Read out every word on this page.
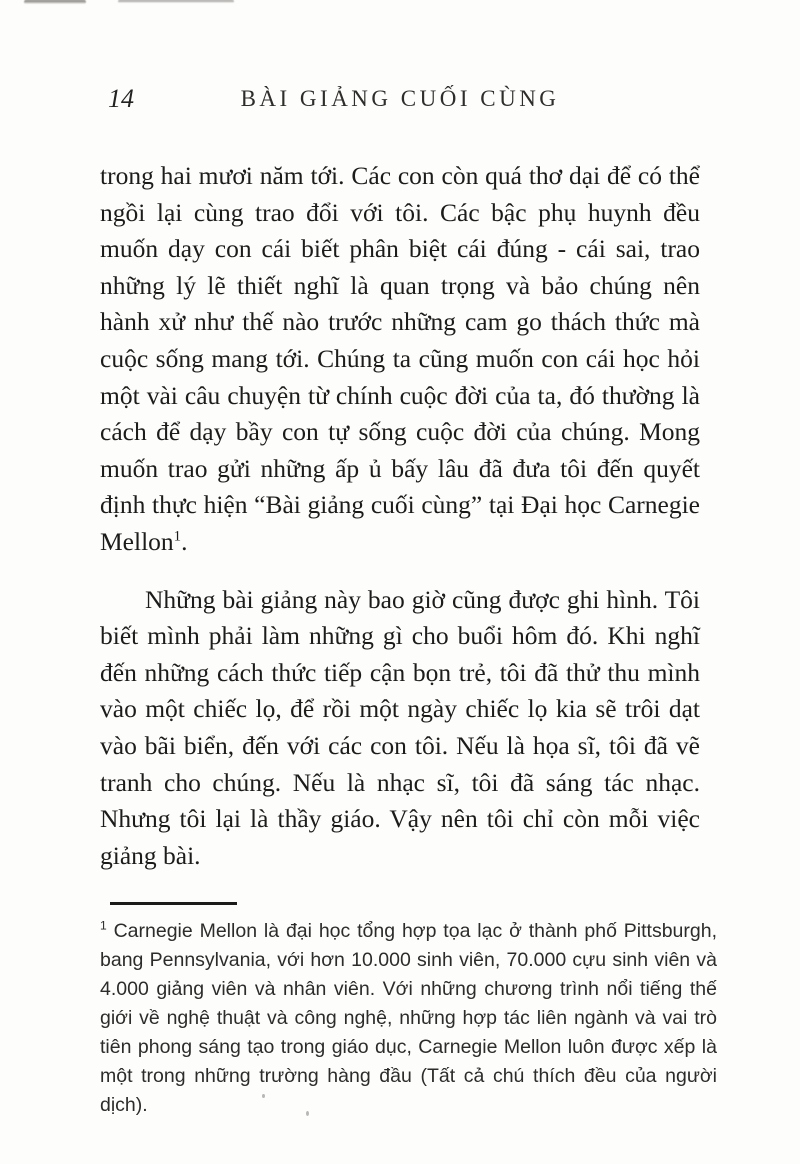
14	BÀI GIẢNG CUỐI CÙNG

trong hai mươi năm tới. Các con còn quá thơ dại để có thể ngồi lại cùng trao đổi với tôi. Các bậc phụ huynh đều muốn dạy con cái biết phân biệt cái đúng - cái sai, trao những lý lẽ thiết nghĩ là quan trọng và bảo chúng nên hành xử như thế nào trước những cam go thách thức mà cuộc sống mang tới. Chúng ta cũng muốn con cái học hỏi một vài câu chuyện từ chính cuộc đời của ta, đó thường là cách để dạy bầy con tự sống cuộc đời của chúng. Mong muốn trao gửi những ấp ủ bấy lâu đã đưa tôi đến quyết định thực hiện “Bài giảng cuối cùng” tại Đại học Carnegie Mellon$^1$.

Những bài giảng này bao giờ cũng được ghi hình. Tôi biết mình phải làm những gì cho buổi hôm đó. Khi nghĩ đến những cách thức tiếp cận bọn trẻ, tôi đã thử thu mình vào một chiếc lọ, để rồi một ngày chiếc lọ kia sẽ trôi dạt vào bãi biển, đến với các con tôi. Nếu là họa sĩ, tôi đã vẽ tranh cho chúng. Nếu là nhạc sĩ, tôi đã sáng tác nhạc. Nhưng tôi lại là thầy giáo. Vậy nên tôi chỉ còn mỗi việc giảng bài.

$^1$ Carnegie Mellon là đại học tổng hợp tọa lạc ở thành phố Pittsburgh, bang Pennsylvania, với hơn 10.000 sinh viên, 70.000 cựu sinh viên và 4.000 giảng viên và nhân viên. Với những chương trình nổi tiếng thế giới về nghệ thuật và công nghệ, những hợp tác liên ngành và vai trò tiên phong sáng tạo trong giáo dục, Carnegie Mellon luôn được xếp là một trong những trường hàng đầu (Tất cả chú thích đều của người dịch).
